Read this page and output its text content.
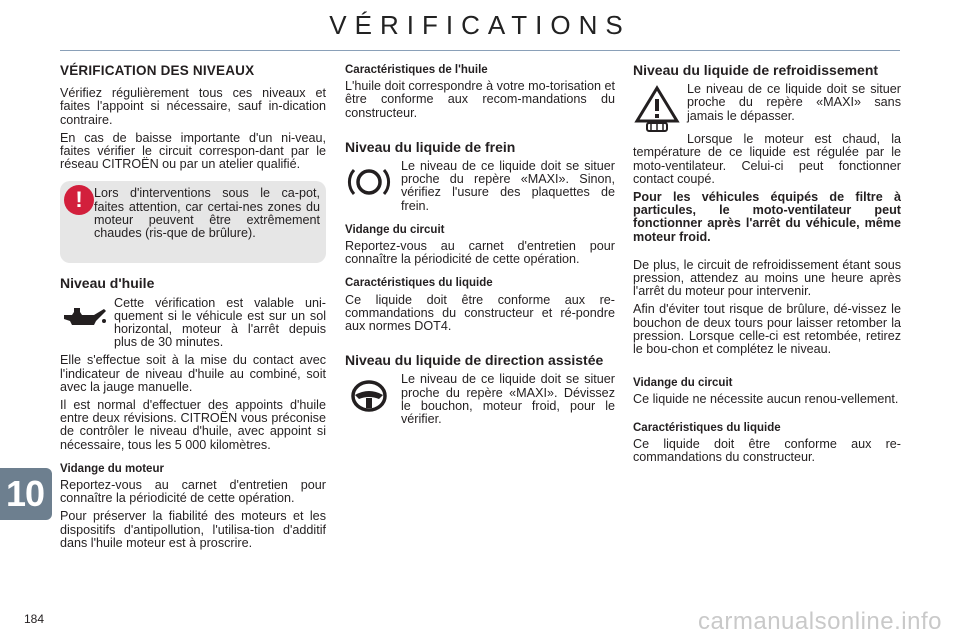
VÉRIFICATIONS
VÉRIFICATION DES NIVEAUX

Vérifiez régulièrement tous ces niveaux et faites l'appoint si nécessaire, sauf in-dication contraire.

En cas de baisse importante d'un ni-veau, faites vérifier le circuit correspon-dant par le réseau CITROËN ou par un atelier qualifié.

! Lors d'interventions sous le ca-pot, faites attention, car certai-nes zones du moteur peuvent être extrêmement chaudes (ris-que de brûlure).

Niveau d'huile

Cette vérification est valable uni-quement si le véhicule est sur un sol horizontal, moteur à l'arrêt depuis plus de 30 minutes.

Elle s'effectue soit à la mise du contact avec l'indicateur de niveau d'huile au combiné, soit avec la jauge manuelle.

Il est normal d'effectuer des appoints d'huile entre deux révisions. CITROËN vous préconise de contrôler le niveau d'huile, avec appoint si nécessaire, tous les 5 000 kilomètres.

Vidange du moteur

Reportez-vous au carnet d'entretien pour connaître la périodicité de cette opération.

Pour préserver la fiabilité des moteurs et les dispositifs d'antipollution, l'utilisa-tion d'additif dans l'huile moteur est à proscrire.

Caractéristiques de l'huile

L'huile doit correspondre à votre mo-torisation et être conforme aux recom-mandations du constructeur.

Niveau du liquide de frein

Le niveau de ce liquide doit se situer proche du repère «MAXI». Sinon, vérifiez l'usure des plaquettes de frein.

Vidange du circuit

Reportez-vous au carnet d'entretien pour connaître la périodicité de cette opération.

Caractéristiques du liquide

Ce liquide doit être conforme aux re-commandations du constructeur et ré-pondre aux normes DOT4.

Niveau du liquide de direction assistée

Le niveau de ce liquide doit se situer proche du repère «MAXI». Dévissez le bouchon, moteur froid, pour le vérifier.

Niveau du liquide de refroidissement

Le niveau de ce liquide doit se situer proche du repère «MAXI» sans jamais le dépasser.

Lorsque le moteur est chaud, la température de ce liquide est régulée par le moto-ventilateur. Celui-ci peut fonctionner contact coupé.

Pour les véhicules équipés de filtre à particules, le moto-ventilateur peut fonctionner après l'arrêt du véhicule, même moteur froid.

De plus, le circuit de refroidissement étant sous pression, attendez au moins une heure après l'arrêt du moteur pour intervenir.

Afin d'éviter tout risque de brûlure, dé-vissez le bouchon de deux tours pour laisser retomber la pression. Lorsque celle-ci est retombée, retirez le bou-chon et complétez le niveau.

Vidange du circuit

Ce liquide ne nécessite aucun renou-vellement.

Caractéristiques du liquide

Ce liquide doit être conforme aux re-commandations du constructeur.

10
184	carmanualsonline.info
